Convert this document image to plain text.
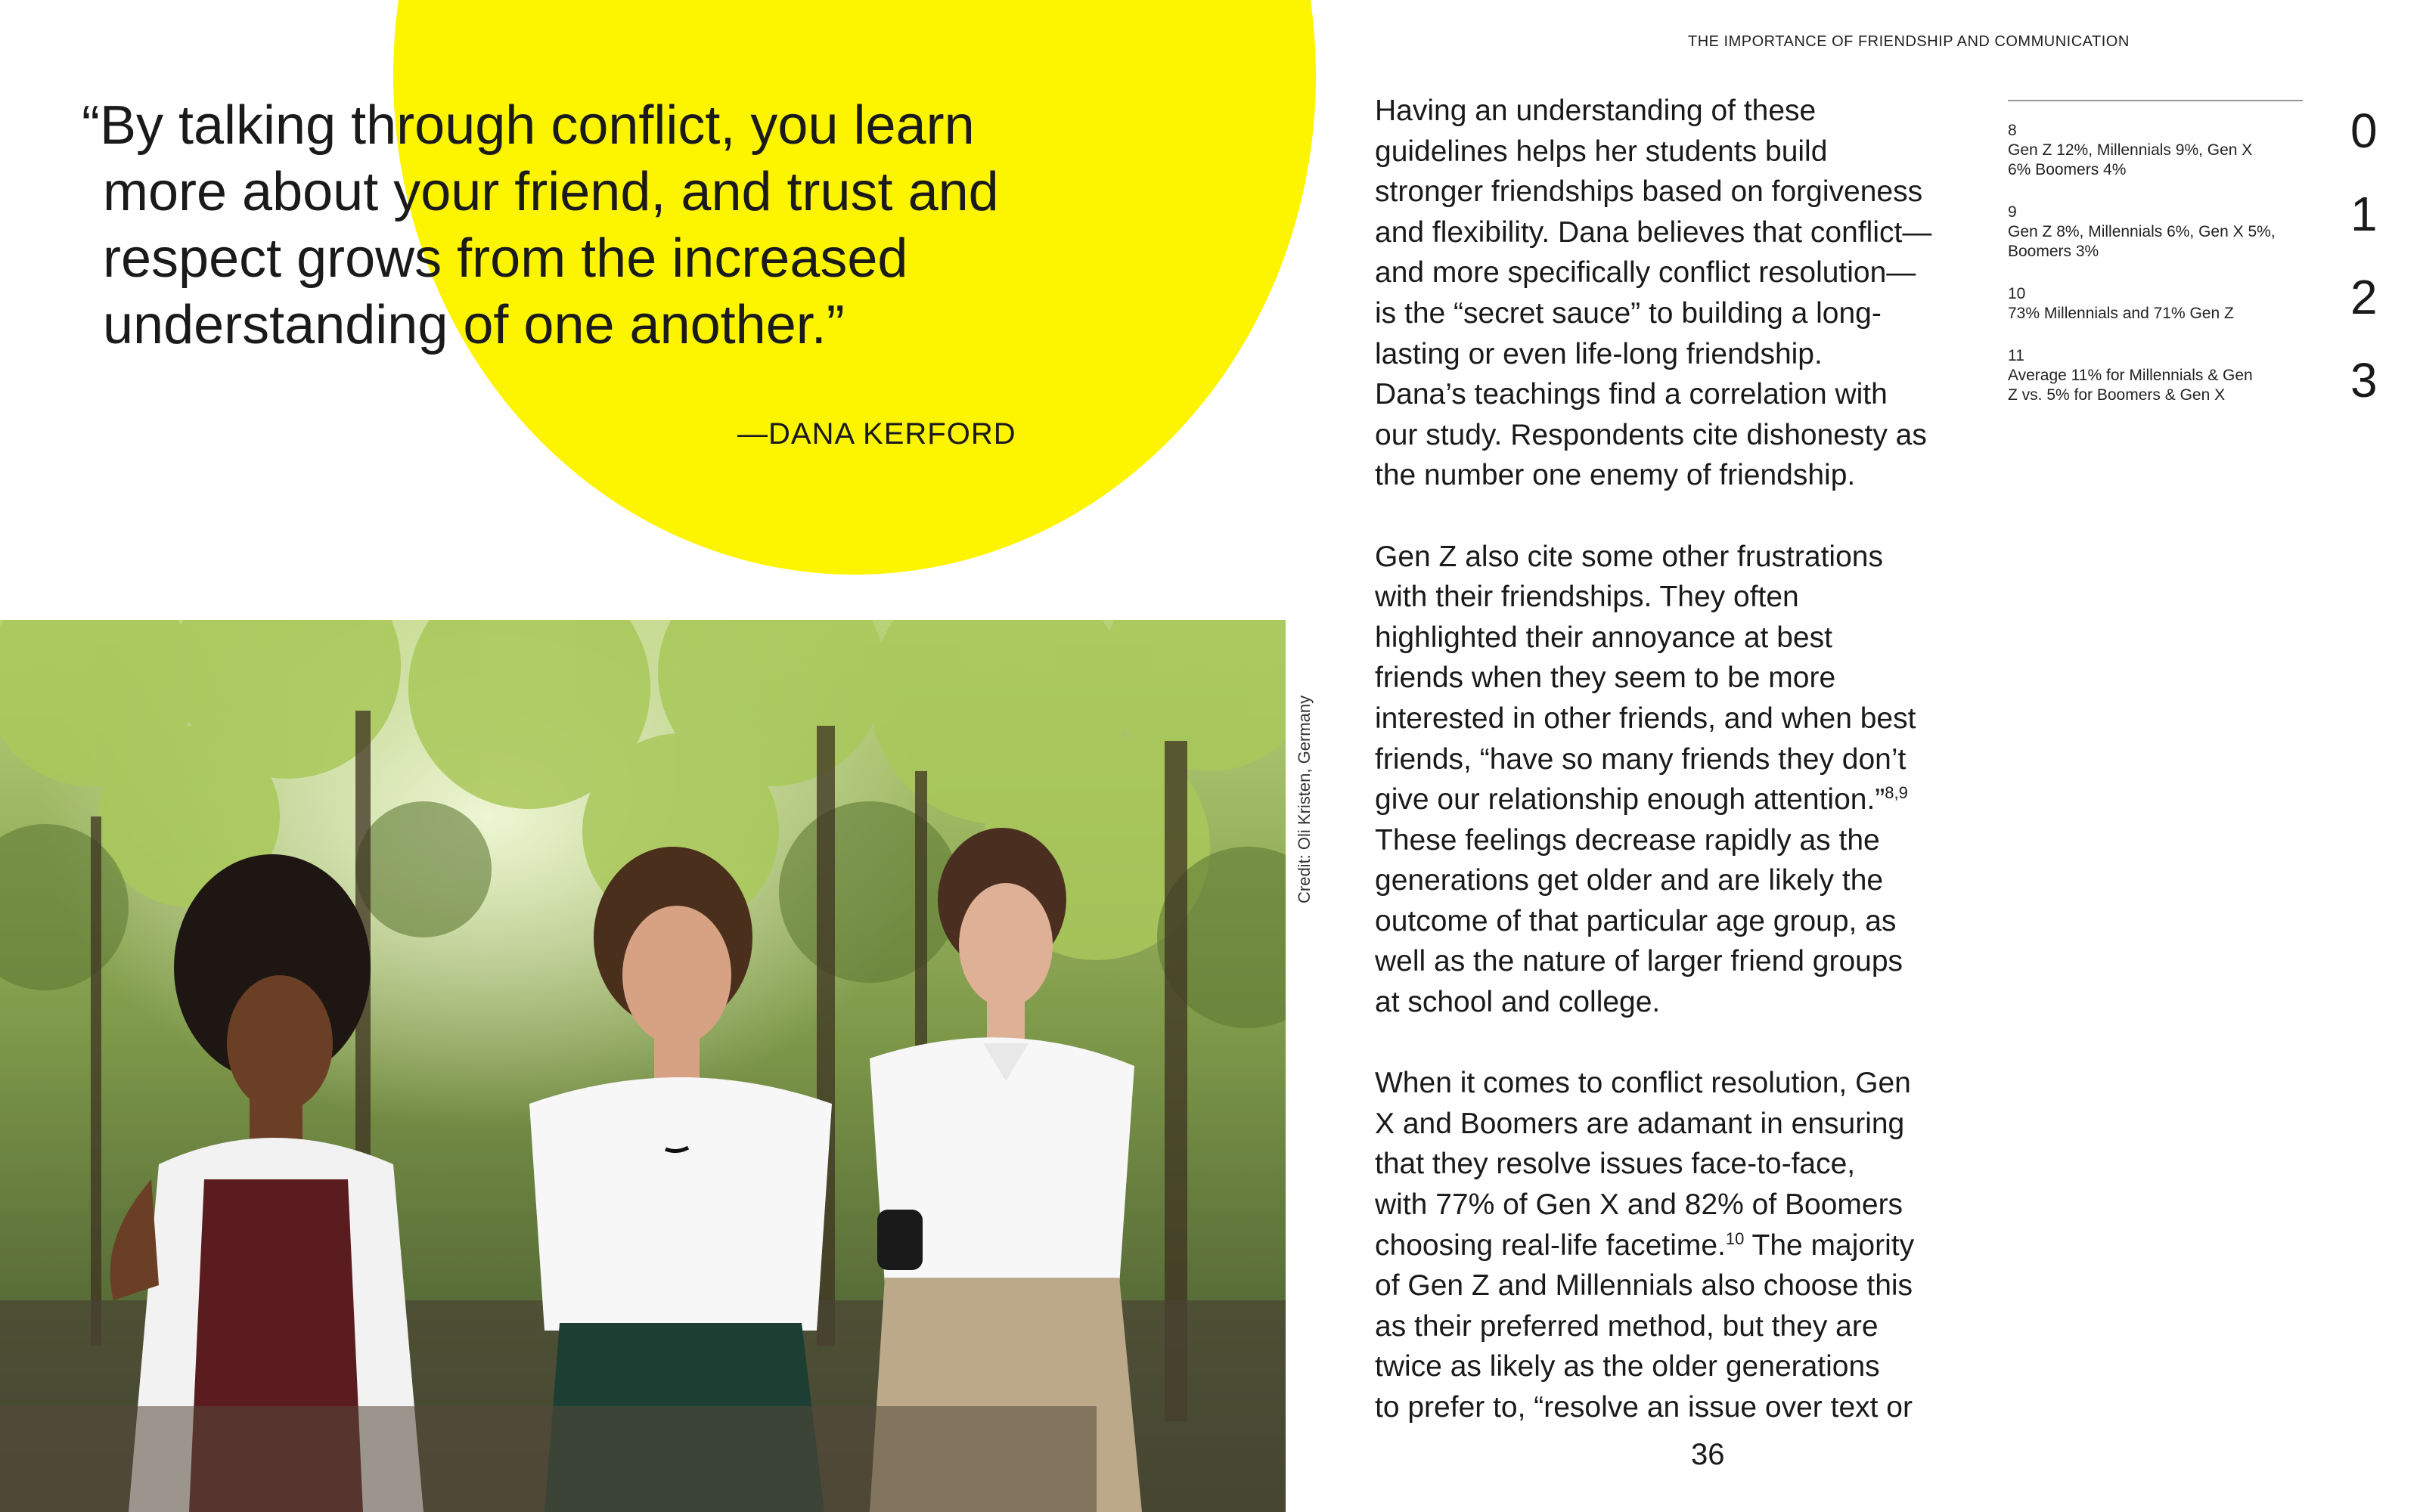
“By talking through conflict, you learn
more about your friend, and trust and
respect grows from the increased
understanding of one another.”
—DANA KERFORD
Credit: Oli Kristen, Germany
THE IMPORTANCE OF FRIENDSHIP AND COMMUNICATION

Having an understanding of these
guidelines helps her students build
stronger friendships based on forgiveness
and flexibility. Dana believes that conflict—
and more specifically conflict resolution—
is the “secret sauce” to building a long-
lasting or even life-long friendship.
Dana’s teachings find a correlation with
our study. Respondents cite dishonesty as
the number one enemy of friendship.

Gen Z also cite some other frustrations
with their friendships. They often
highlighted their annoyance at best
friends when they seem to be more
interested in other friends, and when best
friends, “have so many friends they don’t
give our relationship enough attention.”$^{8,9}$
These feelings decrease rapidly as the
generations get older and are likely the
outcome of that particular age group, as
well as the nature of larger friend groups
at school and college.

When it comes to conflict resolution, Gen
X and Boomers are adamant in ensuring
that they resolve issues face-to-face,
with 77% of Gen X and 82% of Boomers
choosing real-life facetime.$^{10}$ The majority
of Gen Z and Millennials also choose this
as their preferred method, but they are
twice as likely as the older generations
to prefer to, “resolve an issue over text or

8
Gen Z 12%, Millennials 9%, Gen X
6% Boomers 4%
9
Gen Z 8%, Millennials 6%, Gen X 5%,
Boomers 3%
10
73% Millennials and 71% Gen Z
11
Average 11% for Millennials & Gen
Z vs. 5% for Boomers & Gen X
0
1
2
3
36
